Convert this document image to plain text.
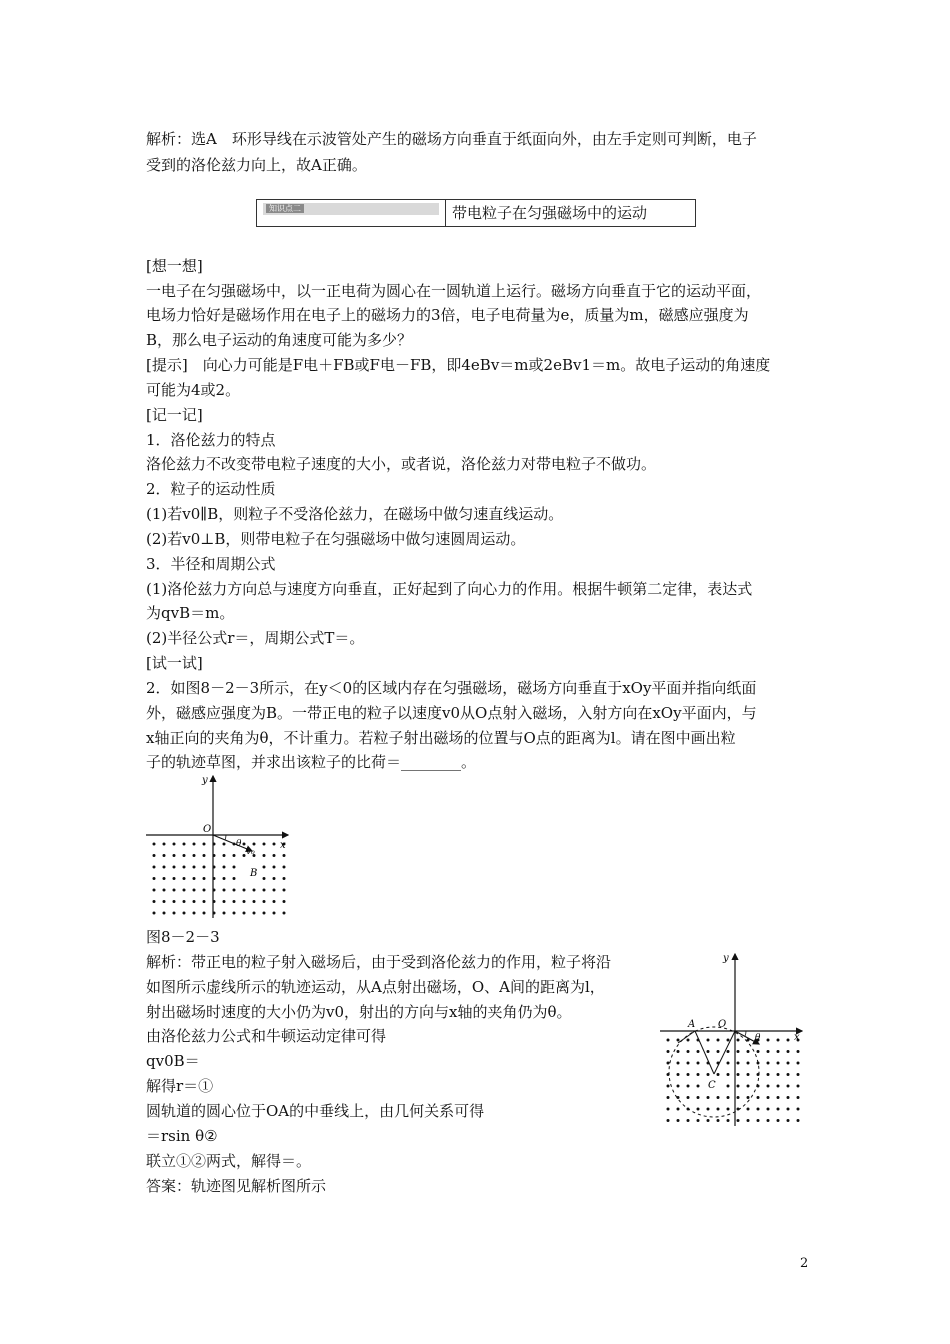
解析：选A　环形导线在示波管处产生的磁场方向垂直于纸面向外，由左手定则可判断，电子
受到的洛伦兹力向上，故A正确。
知识点二	带电粒子在匀强磁场中的运动
[想一想]
一电子在匀强磁场中，以一正电荷为圆心在一圆轨道上运行。磁场方向垂直于它的运动平面，
电场力恰好是磁场作用在电子上的磁场力的3倍，电子电荷量为e，质量为m，磁感应强度为
B，那么电子运动的角速度可能为多少？
[提示]　向心力可能是F电＋FB或F电－FB，即4eBv＝m或2eBv1＝m。故电子运动的角速度
可能为4或2。
[记一记]
1．洛伦兹力的特点
洛伦兹力不改变带电粒子速度的大小，或者说，洛伦兹力对带电粒子不做功。
2．粒子的运动性质
(1)若v0∥B，则粒子不受洛伦兹力，在磁场中做匀速直线运动。
(2)若v0⊥B，则带电粒子在匀强磁场中做匀速圆周运动。
3．半径和周期公式
(1)洛伦兹力方向总与速度方向垂直，正好起到了向心力的作用。根据牛顿第二定律，表达式
为qvB＝m。
(2)半径公式r＝，周期公式T＝。
[试一试]
2．如图8－2－3所示，在y＜0的区域内存在匀强磁场，磁场方向垂直于xOy平面并指向纸面
外，磁感应强度为B。一带正电的粒子以速度v0从O点射入磁场，入射方向在xOy平面内，与
x轴正向的夹角为θ，不计重力。若粒子射出磁场的位置与O点的距离为l。请在图中画出粒
子的轨迹草图，并求出该粒子的比荷＝________。
y
O
θ	x
v₀
B
图8－2－3
解析：带正电的粒子射入磁场后，由于受到洛伦兹力的作用，粒子将沿
如图所示虚线所示的轨迹运动，从A点射出磁场，O、A间的距离为l，
射出磁场时速度的大小仍为v0，射出的方向与x轴的夹角仍为θ。
由洛伦兹力公式和牛顿运动定律可得
qv0B＝
解得r＝①
圆轨道的圆心位于OA的中垂线上，由几何关系可得
＝rsin θ②
联立①②两式，解得＝。
答案：轨迹图见解析图所示
y
A O
θ	x
C
2
